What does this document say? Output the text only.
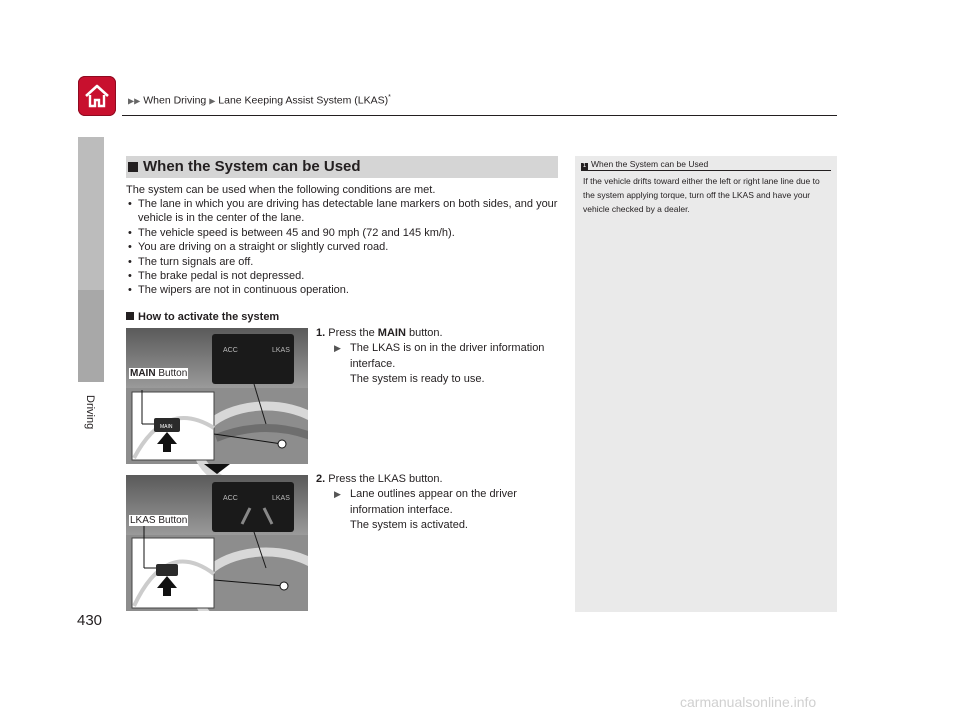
▶▶ When Driving ▶ Lane Keeping Assist System (LKAS)*
Driving
When the System can be Used
The system can be used when the following conditions are met.
• The lane in which you are driving has detectable lane markers on both sides, and your vehicle is in the center of the lane.
• The vehicle speed is between 45 and 90 mph (72 and 145 km/h).
• You are driving on a straight or slightly curved road.
• The turn signals are off.
• The brake pedal is not depressed.
• The wipers are not in continuous operation.
How to activate the system
1. Press the MAIN button.
▶ The LKAS is on in the driver information interface.
The system is ready to use.
2. Press the LKAS button.
▶ Lane outlines appear on the driver information interface.
The system is activated.
ACC	LKAS
MAIN
ACC	LKAS
MAIN Button
LKAS Button
1 When the System can be Used
If the vehicle drifts toward either the left or right lane line due to the system applying torque, turn off the LKAS and have your vehicle checked by a dealer.
430
carmanualsonline.info
